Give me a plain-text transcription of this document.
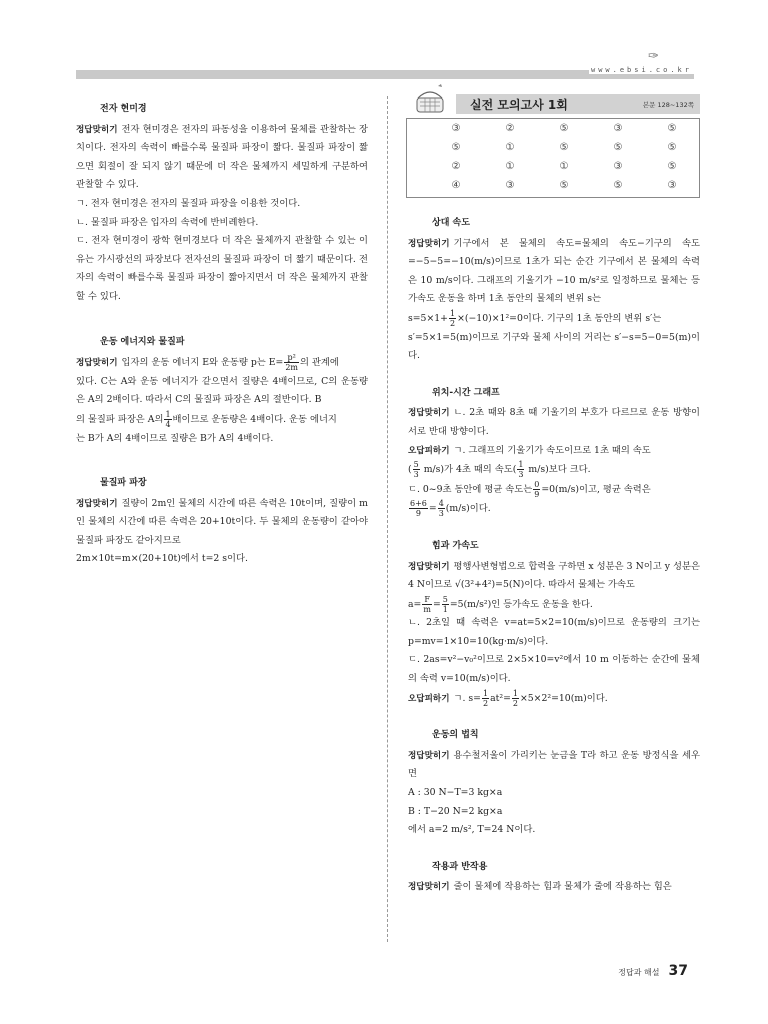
www.ebsi.co.kr
✑
전자 현미경

정답맞히기 전자 현미경은 전자의 파동성을 이용하여 물체를 관찰하는 장치이다. 전자의 속력이 빠를수록 물질파 파장이 짧다. 물질파 파장이 짧으면 회절이 잘 되지 않기 때문에 더 작은 물체까지 세밀하게 구분하여 관찰할 수 있다.

ㄱ. 전자 현미경은 전자의 물질파 파장을 이용한 것이다.

ㄴ. 물질파 파장은 입자의 속력에 반비례한다.

ㄷ. 전자 현미경이 광학 현미경보다 더 작은 물체까지 관찰할 수 있는 이유는 가시광선의 파장보다 전자선의 물질파 파장이 더 짧기 때문이다. 전자의 속력이 빠를수록 물질파 파장이 짧아지면서 더 작은 물체까지 관찰할 수 있다.

운동 에너지와 물질파

정답맞히기 입자의 운동 에너지 E와 운동량 p는 $E= \frac{\text{p²}}{2m}$ 의 관계에

있다. C는 A와 운동 에너지가 같으면서 질량은 4배이므로, C의 운동량은 A의 2배이다. 따라서 C의 물질파 파장은 A의 절반이다. B

의 물질파 파장은 A의 $\frac{1}{4}$ 배이므로 운동량은 4배이다. 운동 에너지

는 B가 A의 4배이므로 질량은 B가 A의 4배이다.

물질파 파장

정답맞히기 질량이 2m인 물체의 시간에 따른 속력은 10t이며, 질량이 m인 물체의 시간에 따른 속력은 20+10t이다. 두 물체의 운동량이 같아야 물질파 파장도 같아지므로

2m×10t=m×(20+10t)에서 t=2 s이다.

실전 모의고사 1회	본문 128~132쪽
③	②	⑤	③	⑤
⑤	①	⑤	⑤	⑤
②	①	①	③	⑤
④	③	⑤	⑤	③
상대 속도

정답맞히기 기구에서 본 물체의 속도=물체의 속도−기구의 속도=−5−5=−10(m/s)이므로 1초가 되는 순간 기구에서 본 물체의 속력은 10 m/s이다. 그래프의 기울기가 −10 m/s²로 일정하므로 물체는 등가속도 운동을 하며 1초 동안의 물체의 변위 s는

$s=5\times 1+ \frac{1}{2} \times(-10)\times 1^2=0$이다. 기구의 1초 동안의 변위 s′는

s′=5×1=5(m)이므로 기구와 물체 사이의 거리는 s′−s=5−0=5(m)이다.

위치-시간 그래프

정답맞히기 ㄴ. 2초 때와 8초 때 기울기의 부호가 다르므로 운동 방향이 서로 반대 방향이다.

오답피하기 ㄱ. 그래프의 기울기가 속도이므로 1초 때의 속도

( $\frac{5}{3} m/s$)가 4초 때의 속도( $\frac{1}{3} m/s$)보다 크다.

ㄷ. 0~9초 동안에 평균 속도는 $\frac{0}{9} =0(m/s)$이고, 평균 속력은

$\frac{6+6}{9} = \frac{4}{3} (m/s)$이다.

힘과 가속도

정답맞히기 평행사변형법으로 합력을 구하면 x 성분은 3 N이고 y 성분은 4 N이므로 √(3²+4²)=5(N)이다. 따라서 물체는 가속도

$a= \frac{F}{m} = \frac{5}{1} =5(m/s^2)$인 등가속도 운동을 한다.

ㄴ. 2초일 때 속력은 v=at=5×2=10(m/s)이므로 운동량의 크기는 p=mv=1×10=10(kg·m/s)이다.

ㄷ. 2as=v²−v₀²이므로 2×5×10=v²에서 10 m 이동하는 순간에 물체의 속력 v=10(m/s)이다.

오답피하기 ㄱ. $s= \frac{1}{2} at^2= \frac{1}{2} \times 5\times 2^2=10(m)$이다.

운동의 법칙

정답맞히기 용수철저울이 가리키는 눈금을 T라 하고 운동 방정식을 세우면

A : 30 N−T=3 kg×a

B : T−20 N=2 kg×a

에서 a=2 m/s², T=24 N이다.

작용과 반작용

정답맞히기 줄이 물체에 작용하는 힘과 물체가 줄에 작용하는 힘은

정답과 해설 37
